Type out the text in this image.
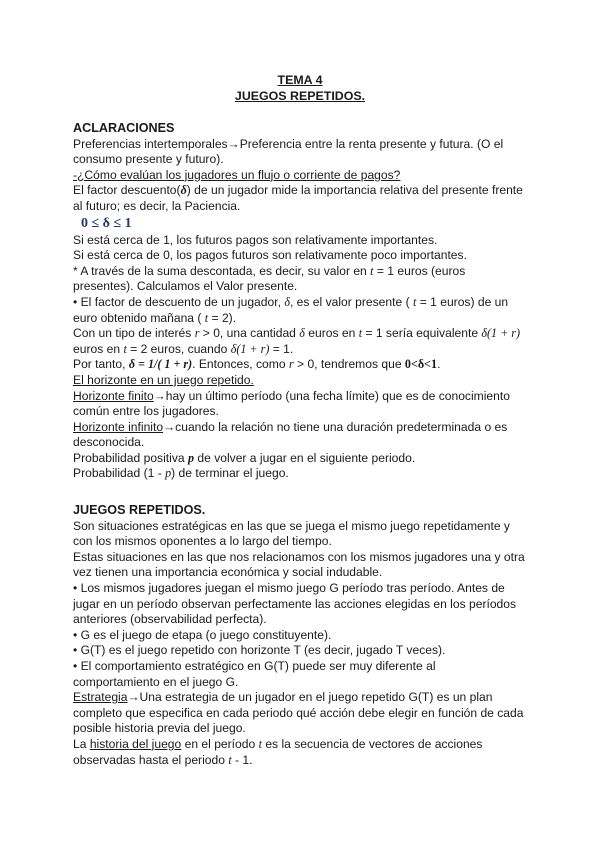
TEMA 4
JUEGOS REPETIDOS.

ACLARACIONES

Preferencias intertemporales→Preferencia entre la renta presente y futura. (O el consumo presente y futuro).

-¿Cómo evalúan los jugadores un flujo o corriente de pagos?

El factor descuento(δ) de un jugador mide la importancia relativa del presente frente al futuro; es decir, la Paciencia.

0 ≤ δ ≤ 1

Si está cerca de 1, los futuros pagos son relativamente importantes.

Si está cerca de 0, los pagos futuros son relativamente poco importantes.

* A través de la suma descontada, es decir, su valor en t = 1 euros (euros presentes). Calculamos el Valor presente.

• El factor de descuento de un jugador, δ, es el valor presente ( t = 1 euros) de un euro obtenido mañana ( t = 2).

Con un tipo de interés r > 0, una cantidad δ euros en t = 1 sería equivalente δ(1 + r) euros en t = 2 euros, cuando δ(1 + r) = 1.

Por tanto, δ = 1/( 1 + r). Entonces, como r > 0, tendremos que 0<δ<1.

El horizonte en un juego repetido.

Horizonte finito→hay un último período (una fecha límite) que es de conocimiento común entre los jugadores.

Horizonte infinito→cuando la relación no tiene una duración predeterminada o es desconocida.

Probabilidad positiva p de volver a jugar en el siguiente periodo.

Probabilidad (1 - p) de terminar el juego.

JUEGOS REPETIDOS.

Son situaciones estratégicas en las que se juega el mismo juego repetidamente y con los mismos oponentes a lo largo del tiempo.

Estas situaciones en las que nos relacionamos con los mismos jugadores una y otra vez tienen una importancia económica y social indudable.

• Los mismos jugadores juegan el mismo juego G período tras período. Antes de jugar en un período observan perfectamente las acciones elegidas en los períodos anteriores (observabilidad perfecta).

• G es el juego de etapa (o juego constituyente).

• G(T) es el juego repetido con horizonte T (es decir, jugado T veces).

• El comportamiento estratégico en G(T) puede ser muy diferente al comportamiento en el juego G.

Estrategia→Una estrategia de un jugador en el juego repetido G(T) es un plan completo que especifica en cada periodo qué acción debe elegir en función de cada posible historia previa del juego.

La historia del juego en el período t es la secuencia de vectores de acciones observadas hasta el periodo t - 1.
